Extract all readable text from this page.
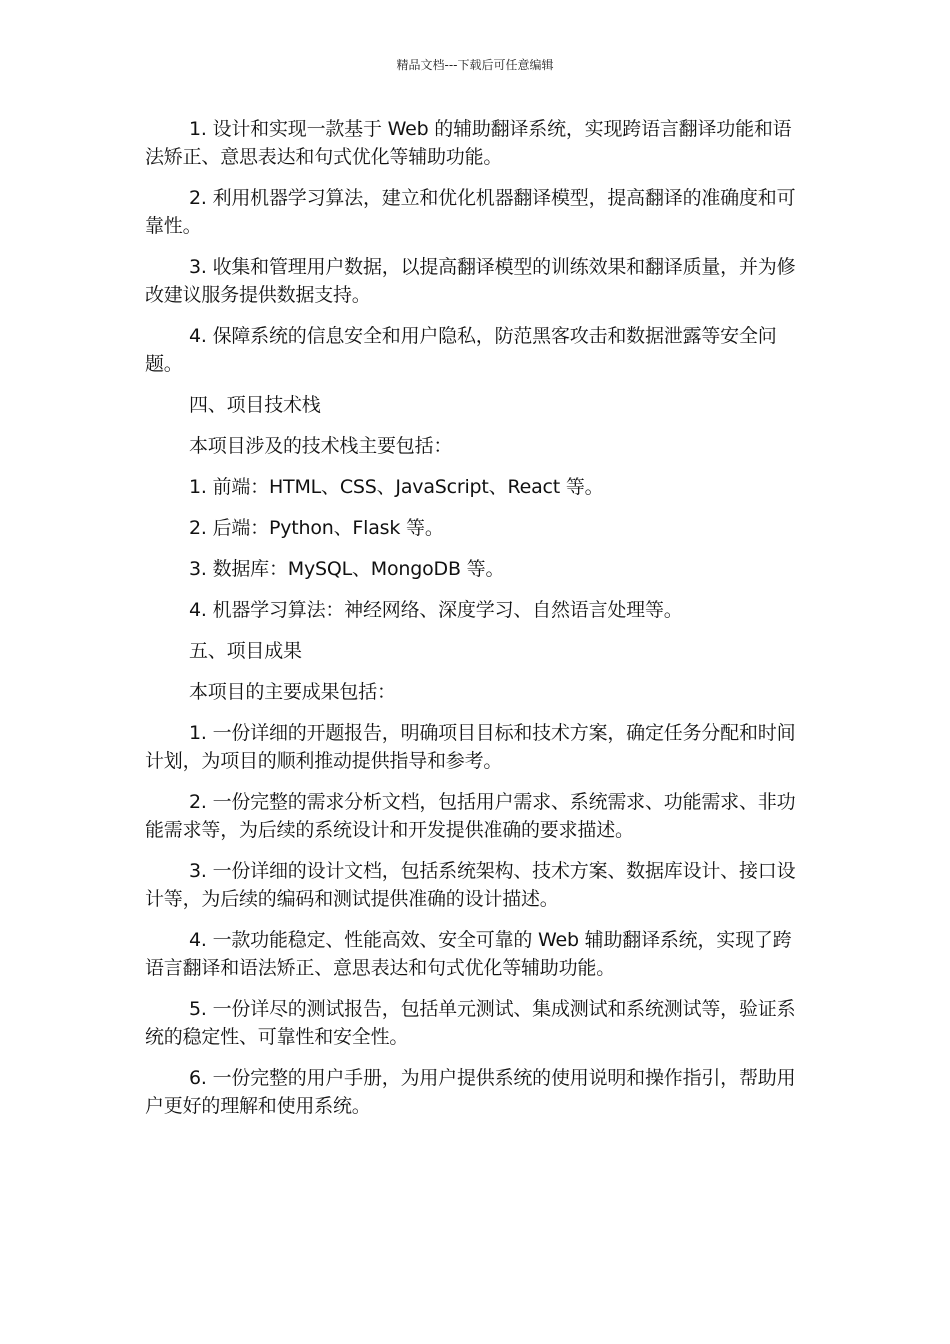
精品文档---下载后可任意编辑

1. 设计和实现一款基于 Web 的辅助翻译系统，实现跨语言翻译功能和语法矫正、意思表达和句式优化等辅助功能。

2. 利用机器学习算法，建立和优化机器翻译模型，提高翻译的准确度和可靠性。

3. 收集和管理用户数据，以提高翻译模型的训练效果和翻译质量，并为修改建议服务提供数据支持。

4. 保障系统的信息安全和用户隐私，防范黑客攻击和数据泄露等安全问题。

四、项目技术栈

本项目涉及的技术栈主要包括：

1. 前端：HTML、CSS、JavaScript、React 等。

2. 后端：Python、Flask 等。

3. 数据库：MySQL、MongoDB 等。

4. 机器学习算法：神经网络、深度学习、自然语言处理等。

五、项目成果

本项目的主要成果包括：

1. 一份详细的开题报告，明确项目目标和技术方案，确定任务分配和时间计划，为项目的顺利推动提供指导和参考。

2. 一份完整的需求分析文档，包括用户需求、系统需求、功能需求、非功能需求等，为后续的系统设计和开发提供准确的要求描述。

3. 一份详细的设计文档，包括系统架构、技术方案、数据库设计、接口设计等，为后续的编码和测试提供准确的设计描述。

4. 一款功能稳定、性能高效、安全可靠的 Web 辅助翻译系统，实现了跨语言翻译和语法矫正、意思表达和句式优化等辅助功能。

5. 一份详尽的测试报告，包括单元测试、集成测试和系统测试等，验证系统的稳定性、可靠性和安全性。

6. 一份完整的用户手册，为用户提供系统的使用说明和操作指引，帮助用户更好的理解和使用系统。
